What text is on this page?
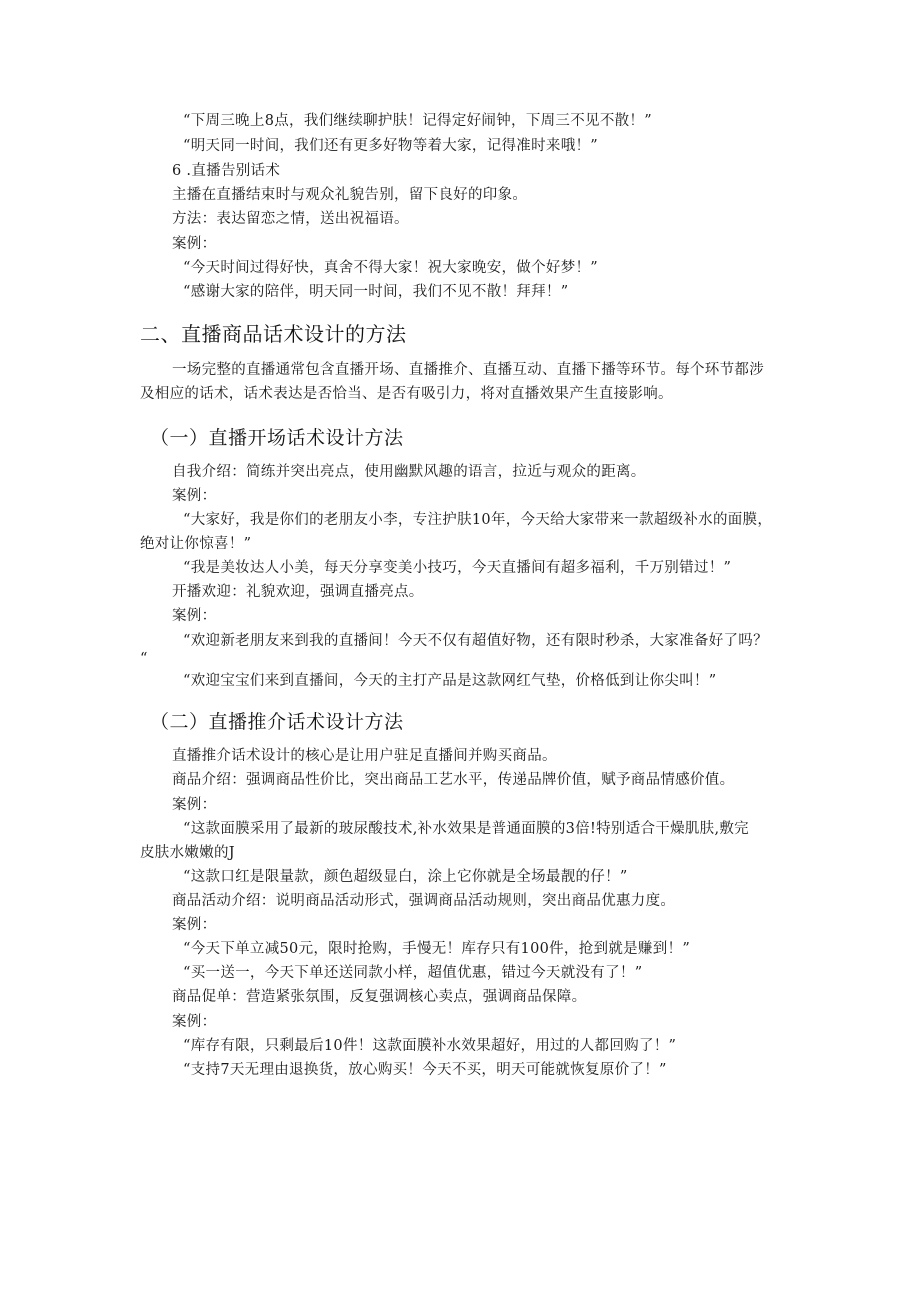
“下周三晚上8点，我们继续聊护肤！记得定好闹钟，下周三不见不散！”
“明天同一时间，我们还有更多好物等着大家，记得准时来哦！”
6 .直播告别话术
主播在直播结束时与观众礼貌告别，留下良好的印象。
方法：表达留恋之情，送出祝福语。
案例：
“今天时间过得好快，真舍不得大家！祝大家晚安，做个好梦！”
“感谢大家的陪伴，明天同一时间，我们不见不散！拜拜！”
二、直播商品话术设计的方法
一场完整的直播通常包含直播开场、直播推介、直播互动、直播下播等环节。每个环节都涉
及相应的话术，话术表达是否恰当、是否有吸引力，将对直播效果产生直接影响。
（一）直播开场话术设计方法
自我介绍：简练并突出亮点，使用幽默风趣的语言，拉近与观众的距离。
案例：
“大家好，我是你们的老朋友小李，专注护肤10年，今天给大家带来一款超级补水的面膜，
绝对让你惊喜！”
“我是美妆达人小美，每天分享变美小技巧，今天直播间有超多福利，千万别错过！”
开播欢迎：礼貌欢迎，强调直播亮点。
案例：
“欢迎新老朋友来到我的直播间！今天不仅有超值好物，还有限时秒杀，大家准备好了吗？
“
“欢迎宝宝们来到直播间，今天的主打产品是这款网红气垫，价格低到让你尖叫！”
（二）直播推介话术设计方法
直播推介话术设计的核心是让用户驻足直播间并购买商品。
商品介绍：强调商品性价比，突出商品工艺水平，传递品牌价值，赋予商品情感价值。
案例：
“这款面膜采用了最新的玻尿酸技术,补水效果是普通面膜的3倍!特别适合干燥肌肤,敷完
皮肤水嫩嫩的J
“这款口红是限量款，颜色超级显白，涂上它你就是全场最靓的仔！”
商品活动介绍：说明商品活动形式，强调商品活动规则，突出商品优惠力度。
案例：
“今天下单立减50元，限时抢购，手慢无！库存只有100件，抢到就是赚到！”
“买一送一，今天下单还送同款小样，超值优惠，错过今天就没有了！”
商品促单：营造紧张氛围，反复强调核心卖点，强调商品保障。
案例：
“库存有限，只剩最后10件！这款面膜补水效果超好，用过的人都回购了！”
“支持7天无理由退换货，放心购买！今天不买，明天可能就恢复原价了！”
